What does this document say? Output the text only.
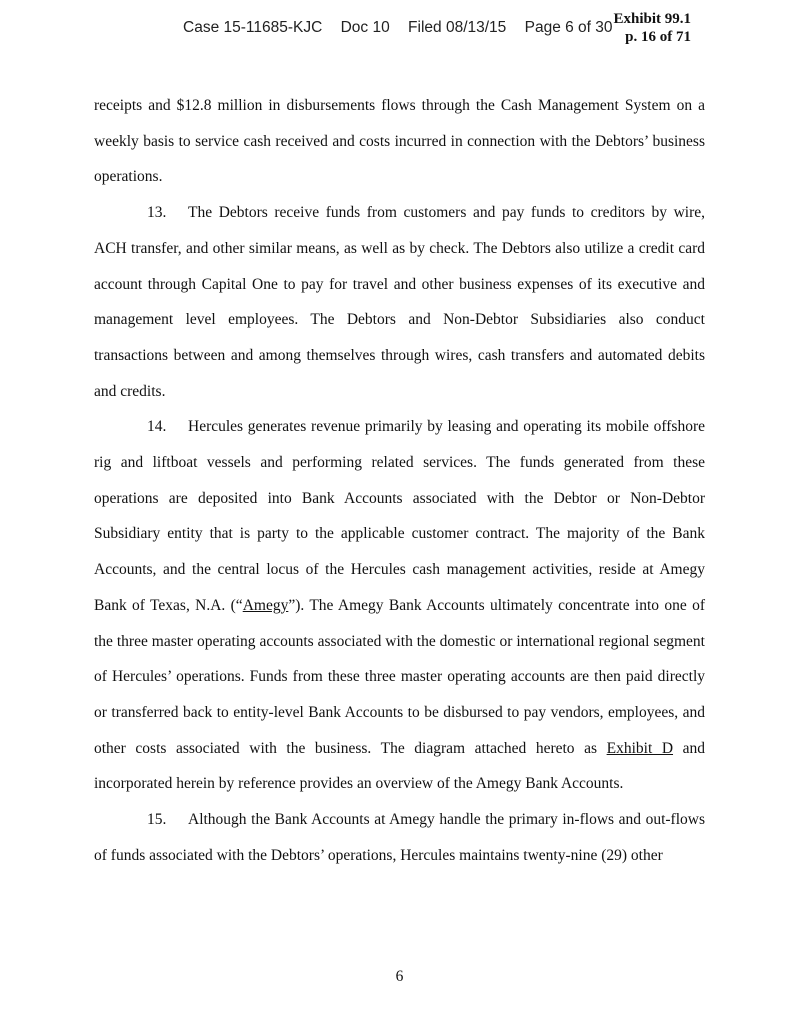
Case 15-11685-KJC Doc 10 Filed 08/13/15 Page 6 of 30 Exhibit 99.1
p. 16 of 71

receipts and $12.8 million in disbursements flows through the Cash Management System on a weekly basis to service cash received and costs incurred in connection with the Debtors’ business operations.

13. The Debtors receive funds from customers and pay funds to creditors by wire, ACH transfer, and other similar means, as well as by check. The Debtors also utilize a credit card account through Capital One to pay for travel and other business expenses of its executive and management level employees. The Debtors and Non-Debtor Subsidiaries also conduct transactions between and among themselves through wires, cash transfers and automated debits and credits.

14. Hercules generates revenue primarily by leasing and operating its mobile offshore rig and liftboat vessels and performing related services. The funds generated from these operations are deposited into Bank Accounts associated with the Debtor or Non-Debtor Subsidiary entity that is party to the applicable customer contract. The majority of the Bank Accounts, and the central locus of the Hercules cash management activities, reside at Amegy Bank of Texas, N.A. (“Amegy”). The Amegy Bank Accounts ultimately concentrate into one of the three master operating accounts associated with the domestic or international regional segment of Hercules’ operations. Funds from these three master operating accounts are then paid directly or transferred back to entity-level Bank Accounts to be disbursed to pay vendors, employees, and other costs associated with the business. The diagram attached hereto as Exhibit D and incorporated herein by reference provides an overview of the Amegy Bank Accounts.

15. Although the Bank Accounts at Amegy handle the primary in-flows and out-flows of funds associated with the Debtors’ operations, Hercules maintains twenty-nine (29) other

6
